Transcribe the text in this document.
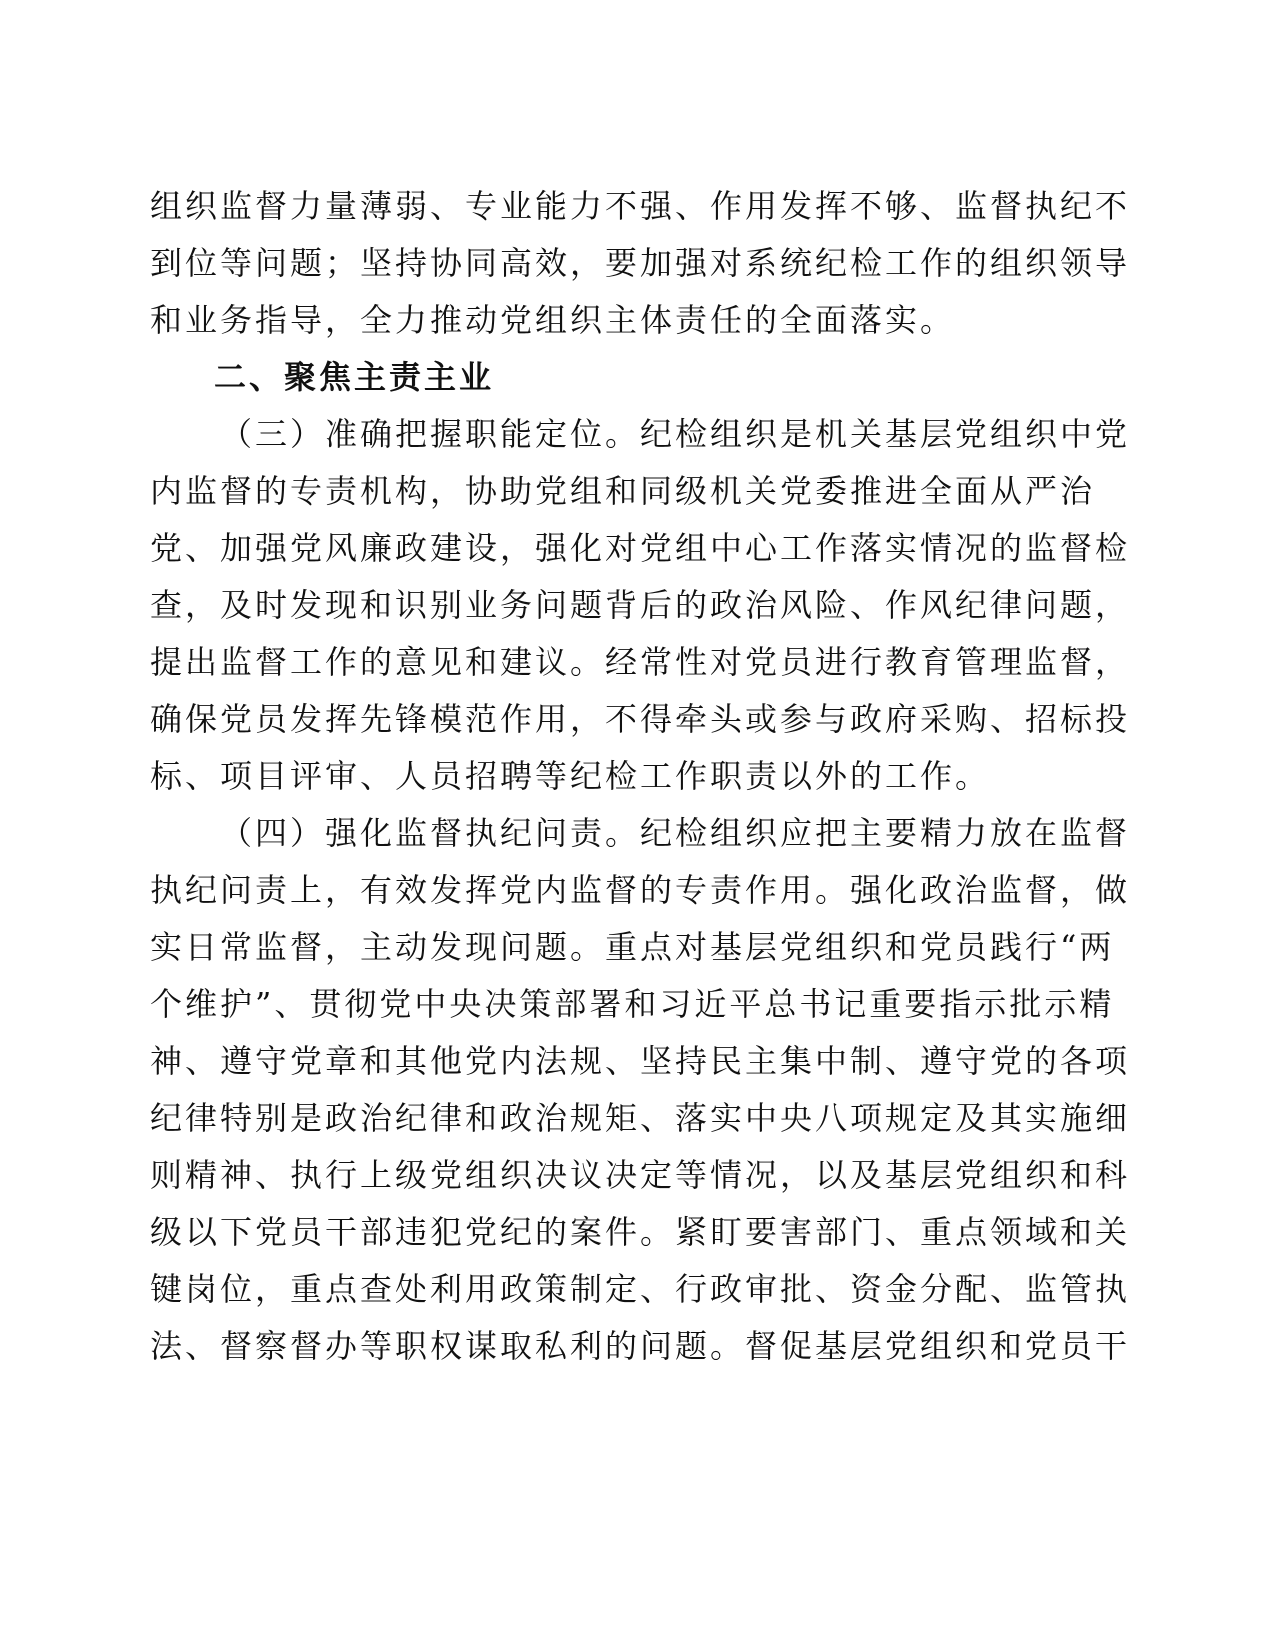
组织监督力量薄弱、专业能力不强、作用发挥不够、监督执纪不
到位等问题；坚持协同高效，要加强对系统纪检工作的组织领导
和业务指导，全力推动党组织主体责任的全面落实。
二、聚焦主责主业
（三）准确把握职能定位。纪检组织是机关基层党组织中党
内监督的专责机构，协助党组和同级机关党委推进全面从严治
党、加强党风廉政建设，强化对党组中心工作落实情况的监督检
查，及时发现和识别业务问题背后的政治风险、作风纪律问题，
提出监督工作的意见和建议。经常性对党员进行教育管理监督，
确保党员发挥先锋模范作用，不得牵头或参与政府采购、招标投
标、项目评审、人员招聘等纪检工作职责以外的工作。
（四）强化监督执纪问责。纪检组织应把主要精力放在监督
执纪问责上，有效发挥党内监督的专责作用。强化政治监督，做
实日常监督，主动发现问题。重点对基层党组织和党员践行“两
个维护”、贯彻党中央决策部署和习近平总书记重要指示批示精
神、遵守党章和其他党内法规、坚持民主集中制、遵守党的各项
纪律特别是政治纪律和政治规矩、落实中央八项规定及其实施细
则精神、执行上级党组织决议决定等情况，以及基层党组织和科
级以下党员干部违犯党纪的案件。紧盯要害部门、重点领域和关
键岗位，重点查处利用政策制定、行政审批、资金分配、监管执
法、督察督办等职权谋取私利的问题。督促基层党组织和党员干
